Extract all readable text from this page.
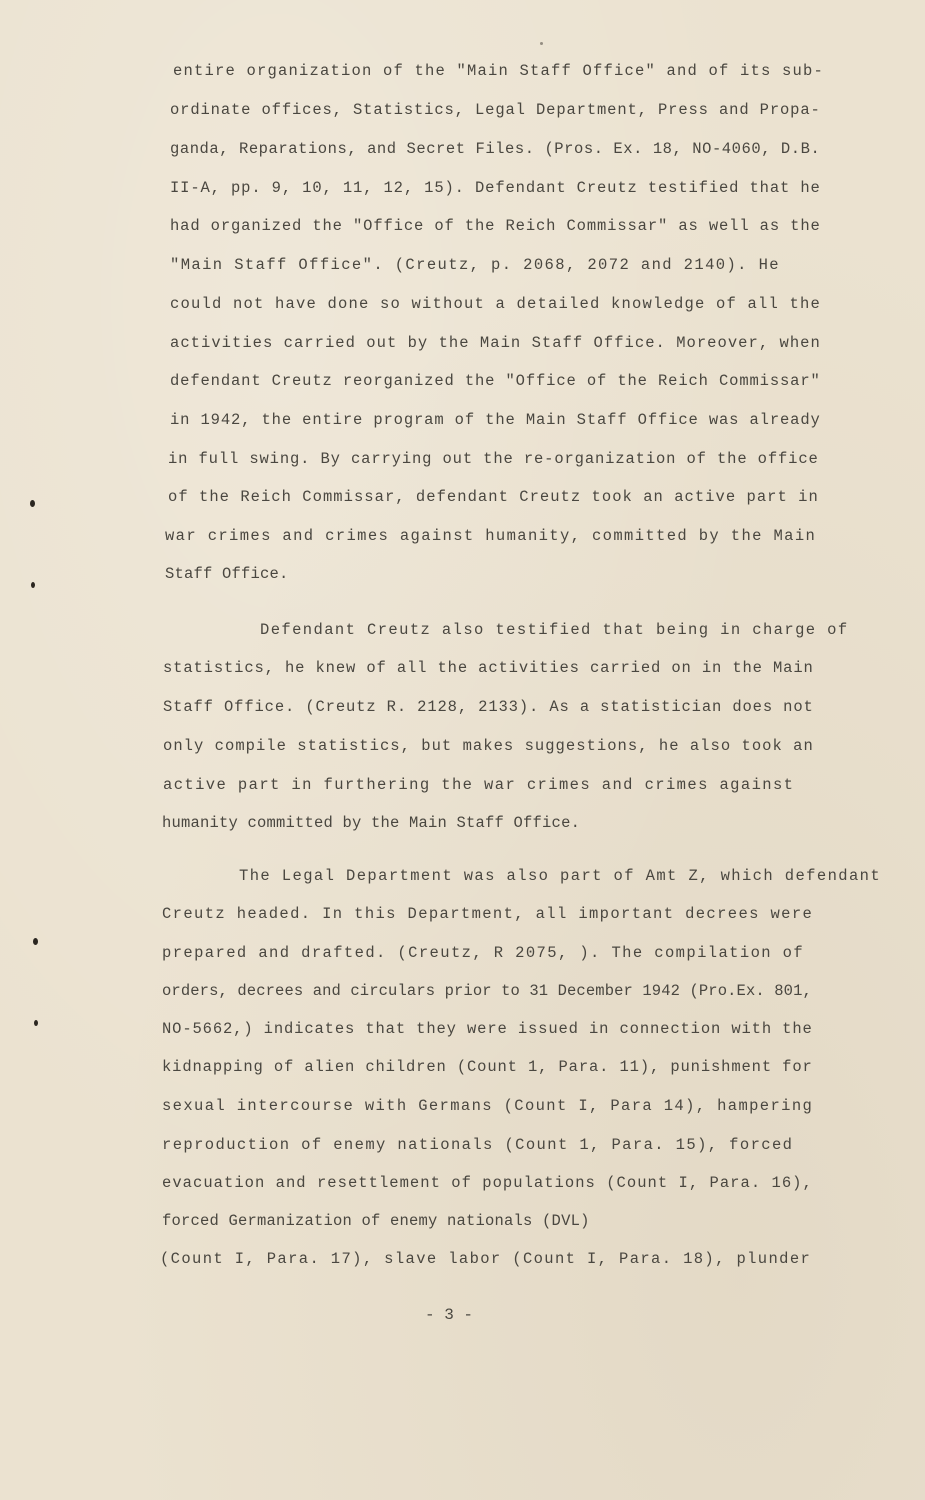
entire organization of the "Main Staff Office" and of its sub-

ordinate offices, Statistics, Legal Department, Press and Propa-

ganda, Reparations, and Secret Files. (Pros. Ex. 18, NO-4060, D.B.

II-A, pp. 9, 10, 11, 12, 15). Defendant Creutz testified that he

had organized the "Office of the Reich Commissar" as well as the

"Main Staff Office". (Creutz, p. 2068, 2072 and 2140). He

could not have done so without a detailed knowledge of all the

activities carried out by the Main Staff Office. Moreover, when

defendant Creutz reorganized the "Office of the Reich Commissar"

in 1942, the entire program of the Main Staff Office was already

in full swing. By carrying out the re-organization of the office

of the Reich Commissar, defendant Creutz took an active part in

war crimes and crimes against humanity, committed by the Main

Staff Office.

Defendant Creutz also testified that being in charge of

statistics, he knew of all the activities carried on in the Main

Staff Office. (Creutz R. 2128, 2133). As a statistician does not

only compile statistics, but makes suggestions, he also took an

active part in furthering the war crimes and crimes against

humanity committed by the Main Staff Office.

The Legal Department was also part of Amt Z, which defendant

Creutz headed. In this Department, all important decrees were

prepared and drafted. (Creutz, R 2075, ). The compilation of

orders, decrees and circulars prior to 31 December 1942 (Pro.Ex. 801,

NO-5662,) indicates that they were issued in connection with the

kidnapping of alien children (Count 1, Para. 11), punishment for

sexual intercourse with Germans (Count I, Para 14), hampering

reproduction of enemy nationals (Count 1, Para. 15), forced

evacuation and resettlement of populations (Count I, Para. 16),

forced Germanization of enemy nationals (DVL)

(Count I, Para. 17), slave labor (Count I, Para. 18), plunder

- 3 -
